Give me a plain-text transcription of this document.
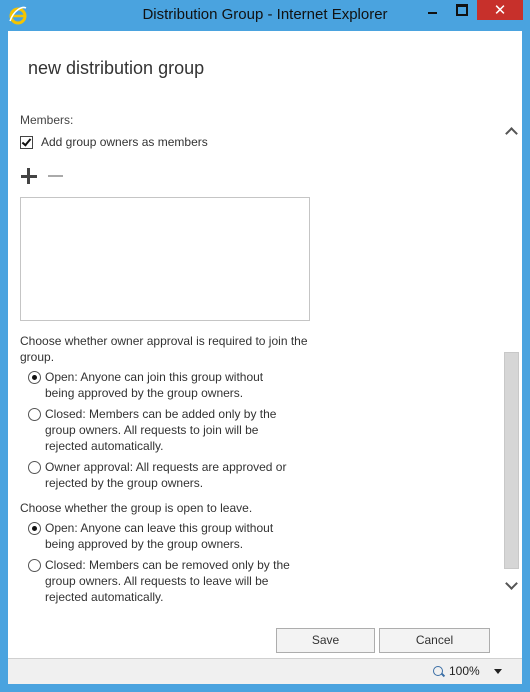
Distribution Group - Internet Explorer	✕
new distribution group
Members:
Add group owners as members
Choose whether owner approval is required to join the
group.
Open: Anyone can join this group without
being approved by the group owners.
Closed: Members can be added only by the
group owners. All requests to join will be
rejected automatically.
Owner approval: All requests are approved or
rejected by the group owners.
Choose whether the group is open to leave.
Open: Anyone can leave this group without
being approved by the group owners.
Closed: Members can be removed only by the
group owners. All requests to leave will be
rejected automatically.
Save	Cancel
100%
